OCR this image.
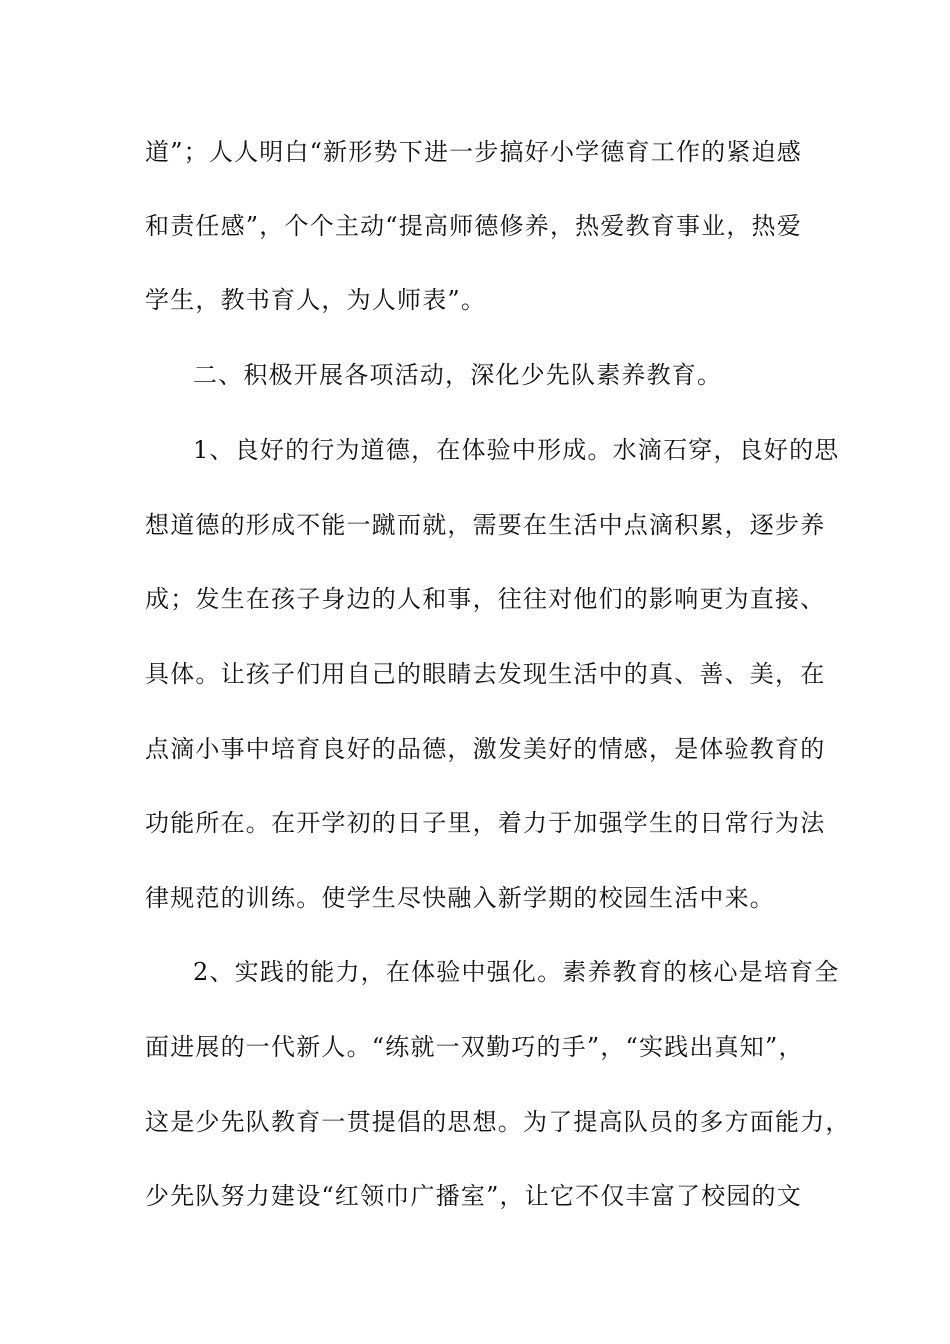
道”；人人明白“新形势下进一步搞好小学德育工作的紧迫感
和责任感”，个个主动“提高师德修养，热爱教育事业，热爱
学生，教书育人，为人师表”。
二、积极开展各项活动，深化少先队素养教育。
1、良好的行为道德，在体验中形成。水滴石穿，良好的思
想道德的形成不能一蹴而就，需要在生活中点滴积累，逐步养
成；发生在孩子身边的人和事，往往对他们的影响更为直接、
具体。让孩子们用自己的眼睛去发现生活中的真、善、美，在
点滴小事中培育良好的品德，激发美好的情感，是体验教育的
功能所在。在开学初的日子里，着力于加强学生的日常行为法
律规范的训练。使学生尽快融入新学期的校园生活中来。
2、实践的能力，在体验中强化。素养教育的核心是培育全
面进展的一代新人。“练就一双勤巧的手”，“实践出真知”，
这是少先队教育一贯提倡的思想。为了提高队员的多方面能力，
少先队努力建设“红领巾广播室”，让它不仅丰富了校园的文
